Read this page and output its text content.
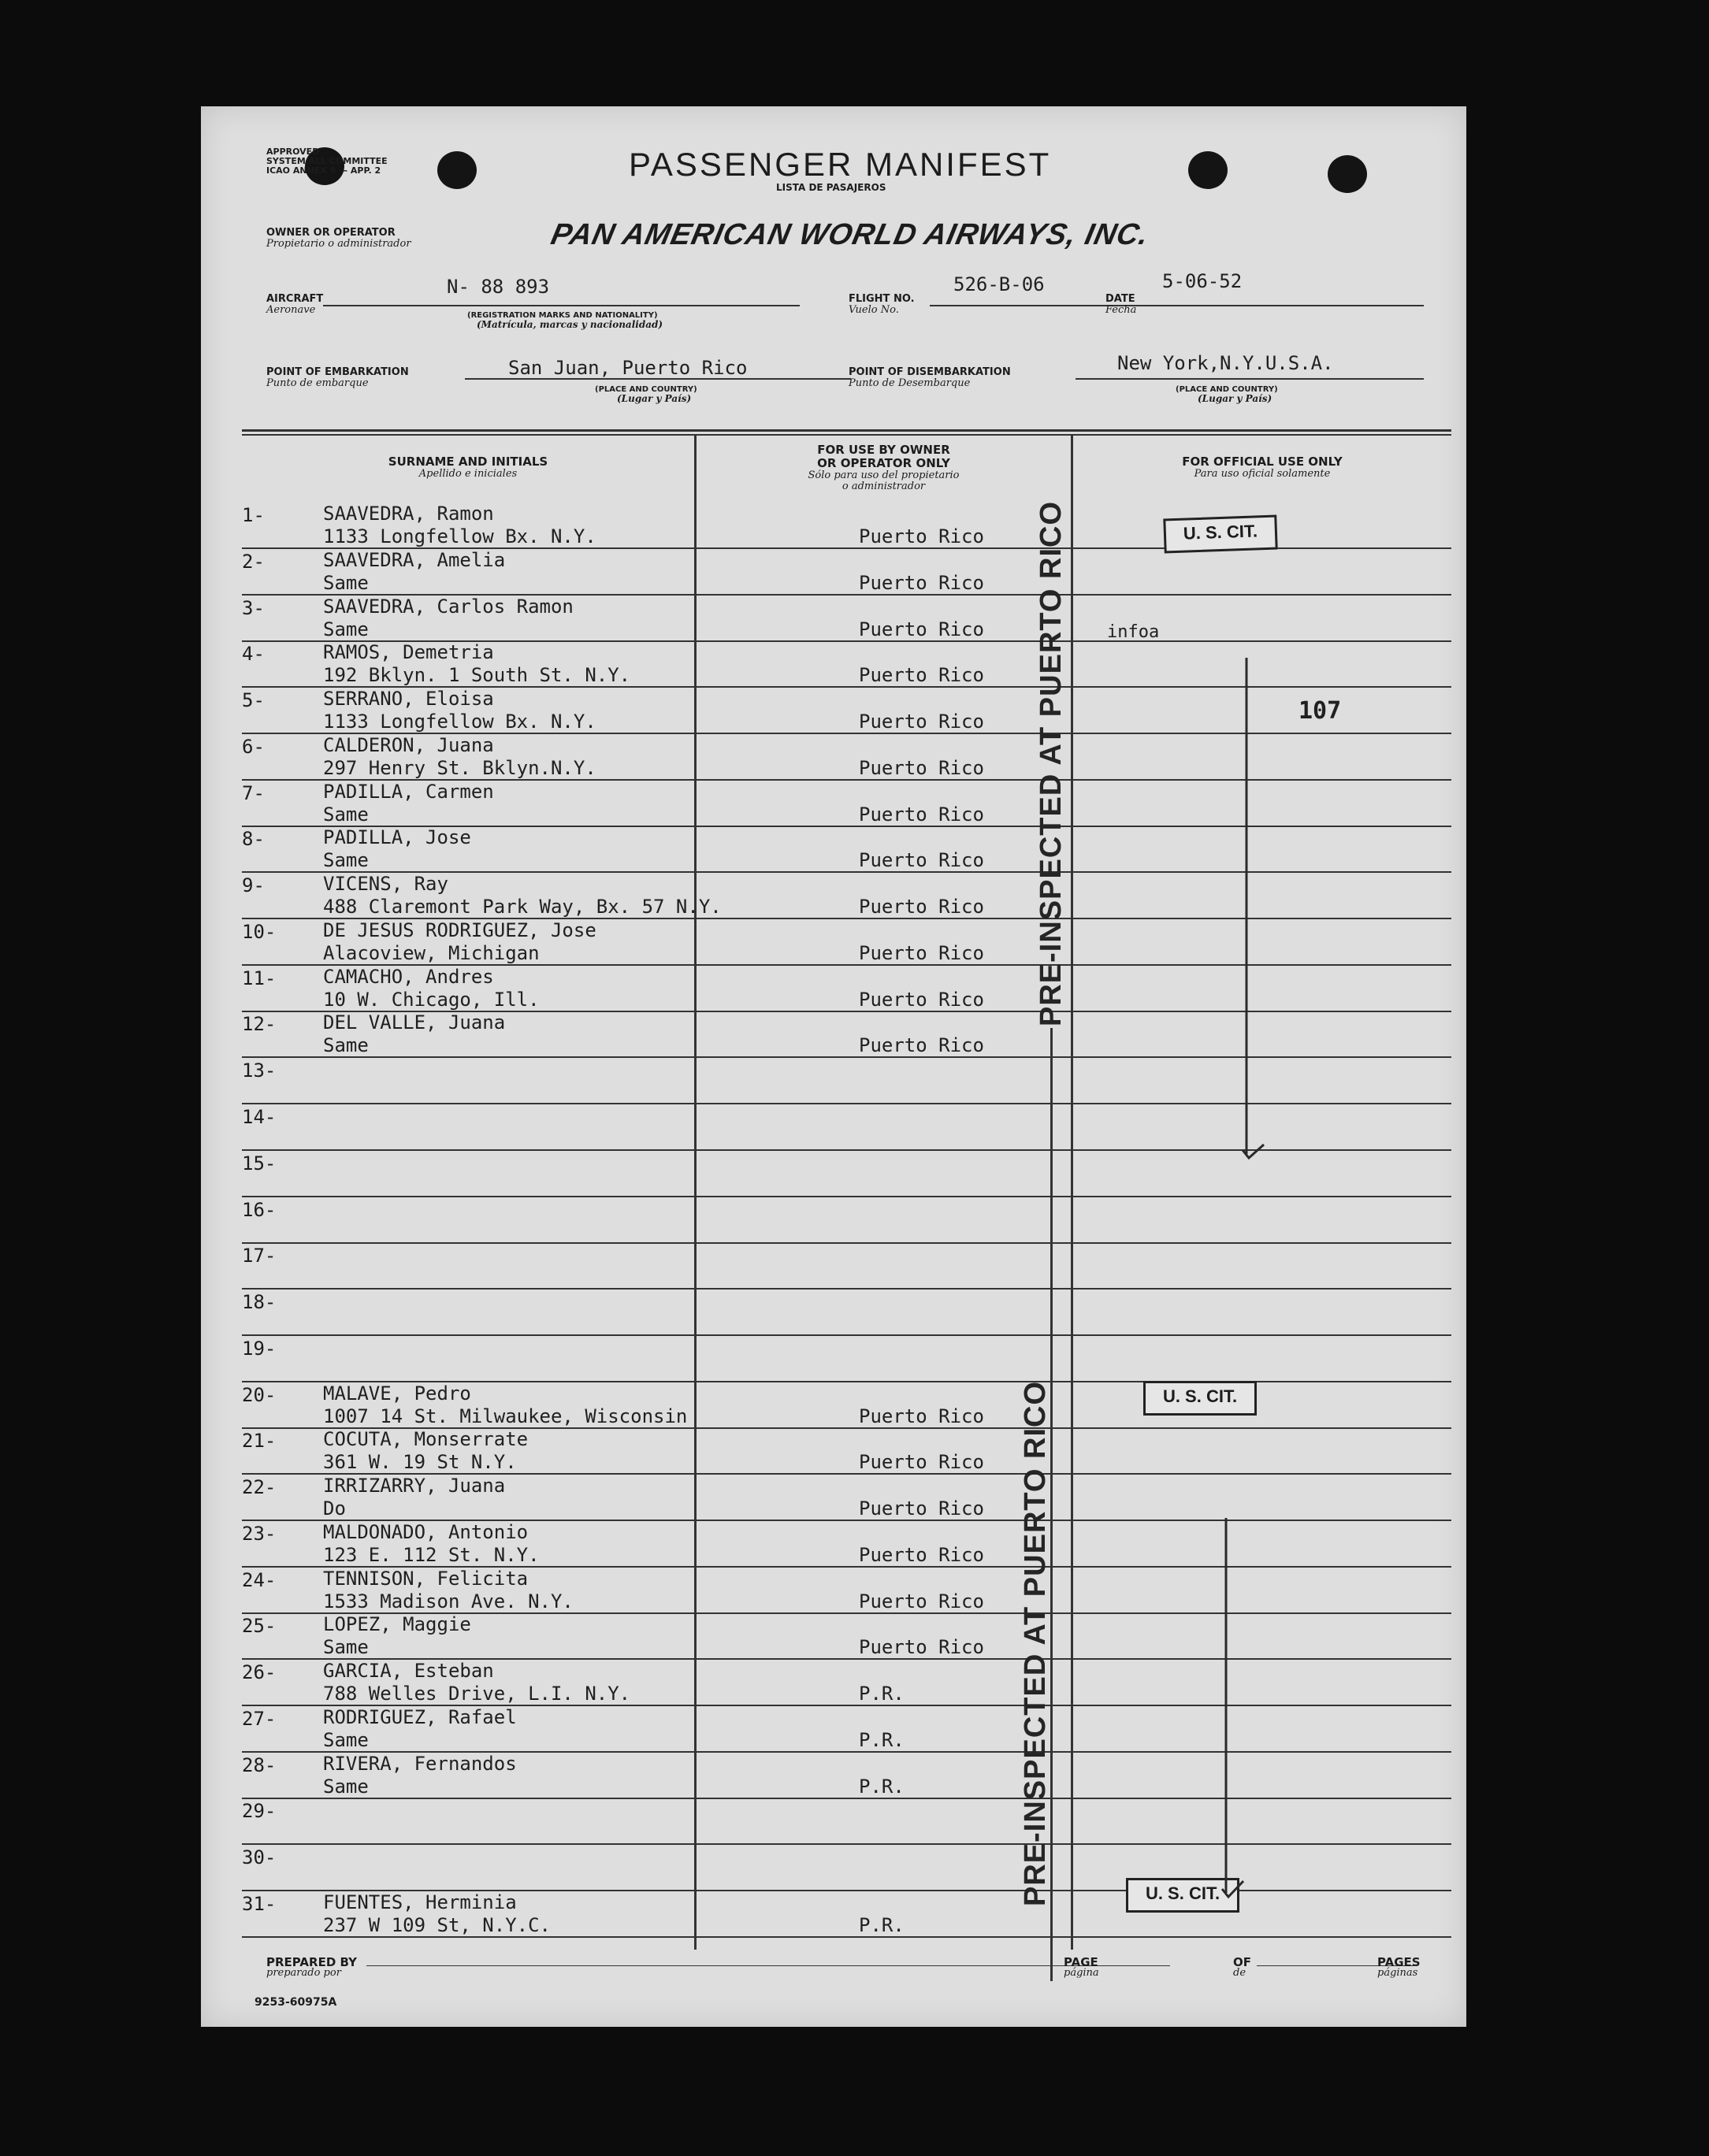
APPROVED
SYSTEM ALL COMMITTEE
ICAO ANNEX 9 — APP. 2	PASSENGER MANIFEST
LISTA DE PASAJEROS
OWNER OR OPERATOR
Propietario o administrador	PAN AMERICAN WORLD AIRWAYS, INC.
AIRCRAFT
Aeronave
N- 88 893
(REGISTRATION MARKS AND NATIONALITY)
(Matrícula, marcas y nacionalidad)
FLIGHT NO.
Vuelo No.
526-B-06
DATE
Fecha
5-06-52
POINT OF EMBARKATION
Punto de embarque
San Juan, Puerto Rico
(PLACE AND COUNTRY)
(Lugar y País)
POINT OF DISEMBARKATION
Punto de Desembarque
New York,N.Y.U.S.A.
(PLACE AND COUNTRY)
(Lugar y País)
SURNAME AND INITIALS
Apellido e iniciales
FOR USE BY OWNER
OR OPERATOR ONLY
Sólo para uso del propietario
o administrador
FOR OFFICIAL USE ONLY
Para uso oficial solamente
1-	SAAVEDRA, Ramon
1133 Longfellow Bx. N.Y.	Puerto Rico
2-	SAAVEDRA, Amelia
Same	Puerto Rico
3-	SAAVEDRA, Carlos Ramon
Same	Puerto Rico
4-	RAMOS, Demetria
192 Bklyn. 1 South St. N.Y.	Puerto Rico
5-	SERRANO, Eloisa
1133 Longfellow Bx. N.Y.	Puerto Rico
6-	CALDERON, Juana
297 Henry St. Bklyn.N.Y.	Puerto Rico
7-	PADILLA, Carmen
Same	Puerto Rico
8-	PADILLA, Jose
Same	Puerto Rico
9-	VICENS, Ray
488 Claremont Park Way, Bx. 57 N.Y.	Puerto Rico
10- DE JESUS RODRIGUEZ, Jose
Alacoview, Michigan	Puerto Rico
11- CAMACHO, Andres
10 W. Chicago, Ill.	Puerto Rico
12- DEL VALLE, Juana
Same	Puerto Rico
13-
14-
15-
16-
17-
18-
19-
20- MALAVE, Pedro
1007 14 St. Milwaukee, Wisconsin	Puerto Rico
21- COCUTA, Monserrate
361 W. 19 St N.Y.	Puerto Rico
22- IRRIZARRY, Juana
Do	Puerto Rico
23- MALDONADO, Antonio
123 E. 112 St. N.Y.	Puerto Rico
24- TENNISON, Felicita
1533 Madison Ave. N.Y.	Puerto Rico
25- LOPEZ, Maggie
Same	Puerto Rico
26- GARCIA, Esteban
788 Welles Drive, L.I. N.Y.	P.R.
27- RODRIGUEZ, Rafael
Same	P.R.
28- RIVERA, Fernandos
Same	P.R.
29-
30-
31- FUENTES, Herminia
237 W 109 St, N.Y.C.	P.R.
U. S. CIT.
U. S. CIT.
U. S. CIT.
infoa
107
PRE-INSPECTED AT PUERTO RICO
PRE-INSPECTED AT PUERTO RICO
PREPARED BY
preparado por
PAGE
página
OF
de
PAGES
páginas
9253-60975A
